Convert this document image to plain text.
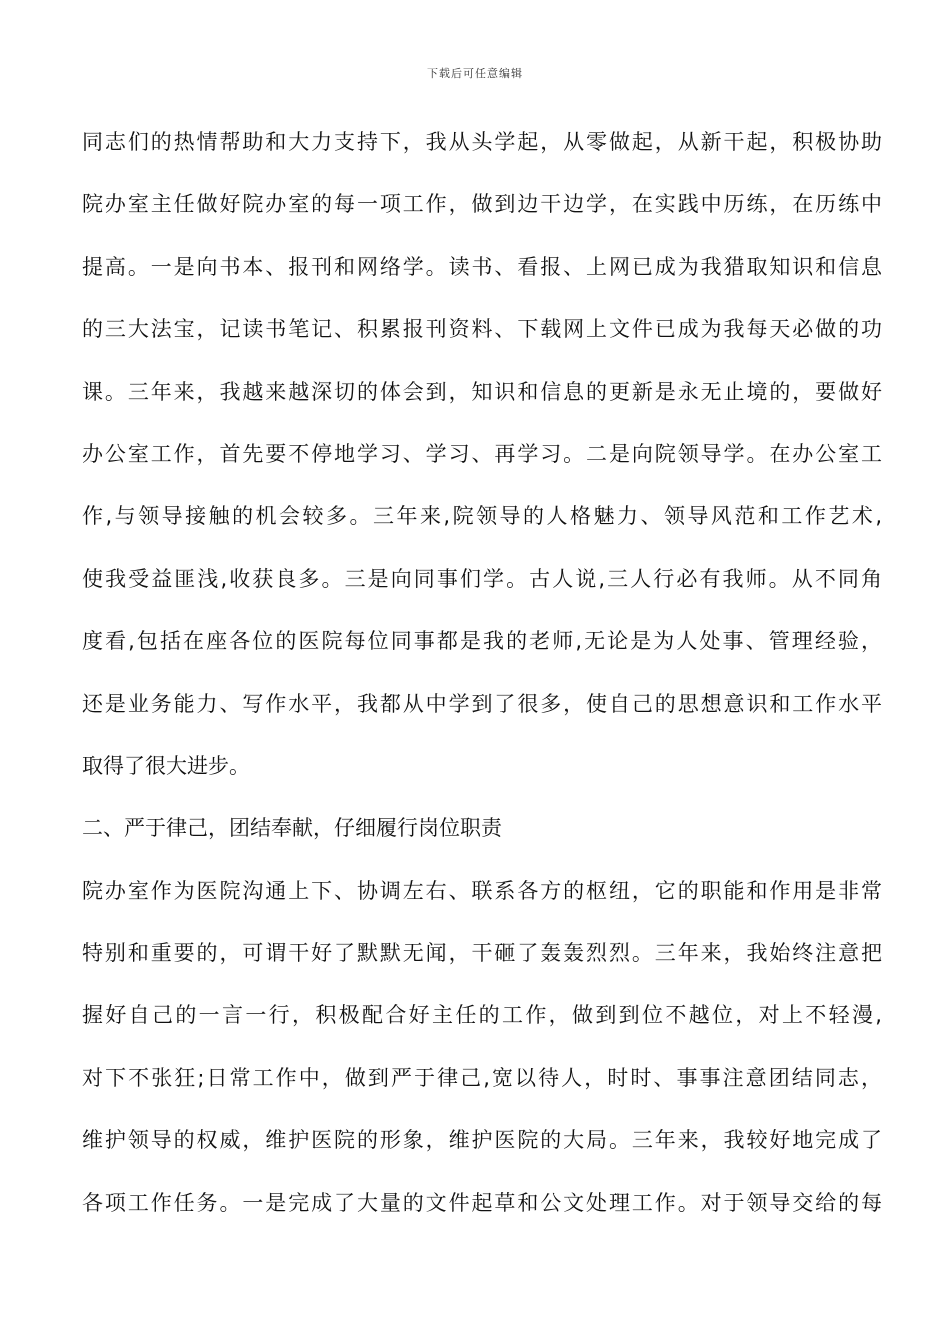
下载后可任意编辑
同志们的热情帮助和大力支持下，我从头学起，从零做起，从新干起，积极协助
院办室主任做好院办室的每一项工作，做到边干边学，在实践中历练，在历练中
提高。一是向书本、报刊和网络学。读书、看报、上网已成为我猎取知识和信息
的三大法宝，记读书笔记、积累报刊资料、下载网上文件已成为我每天必做的功
课。三年来，我越来越深切的体会到，知识和信息的更新是永无止境的，要做好
办公室工作，首先要不停地学习、学习、再学习。二是向院领导学。在办公室工
作,与领导接触的机会较多。三年来,院领导的人格魅力、领导风范和工作艺术,
使我受益匪浅,收获良多。三是向同事们学。古人说,三人行必有我师。从不同角
度看,包括在座各位的医院每位同事都是我的老师,无论是为人处事、管理经验，
还是业务能力、写作水平，我都从中学到了很多，使自己的思想意识和工作水平
取得了很大进步。
二、严于律己，团结奉献，仔细履行岗位职责
院办室作为医院沟通上下、协调左右、联系各方的枢纽，它的职能和作用是非常
特别和重要的，可谓干好了默默无闻，干砸了轰轰烈烈。三年来，我始终注意把
握好自己的一言一行，积极配合好主任的工作，做到到位不越位，对上不轻漫,
对下不张狂;日常工作中，做到严于律己,宽以待人，时时、事事注意团结同志，
维护领导的权威，维护医院的形象，维护医院的大局。三年来，我较好地完成了
各项工作任务。一是完成了大量的文件起草和公文处理工作。对于领导交给的每
